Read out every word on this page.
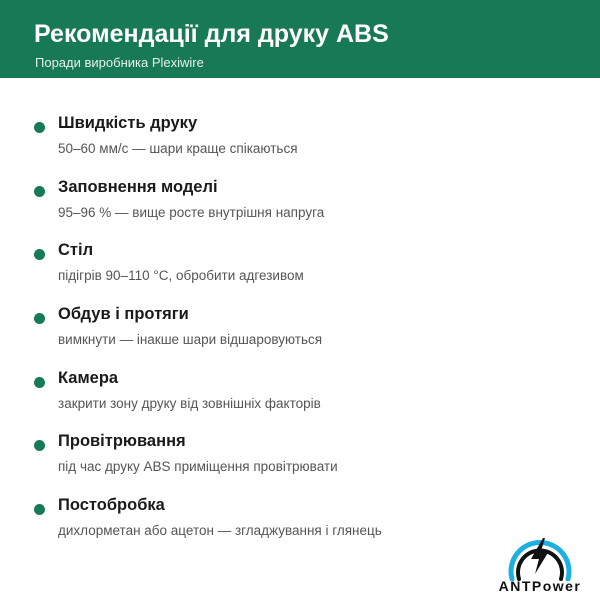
Рекомендації для друку ABS
Поради виробника Plexiwire
Швидкість друку
50–60 мм/с — шари краще спікаються
Заповнення моделі
95–96 % — вище росте внутрішня напруга
Стіл
підігрів 90–110 °С, обробити адгезивом
Обдув і протяги
вимкнути — інакше шари відшаровуються
Камера
закрити зону друку від зовнішніх факторів
Провітрювання
під час друку ABS приміщення провітрювати
Постобробка
дихлорметан або ацетон — згладжування і глянець
ANTPower
